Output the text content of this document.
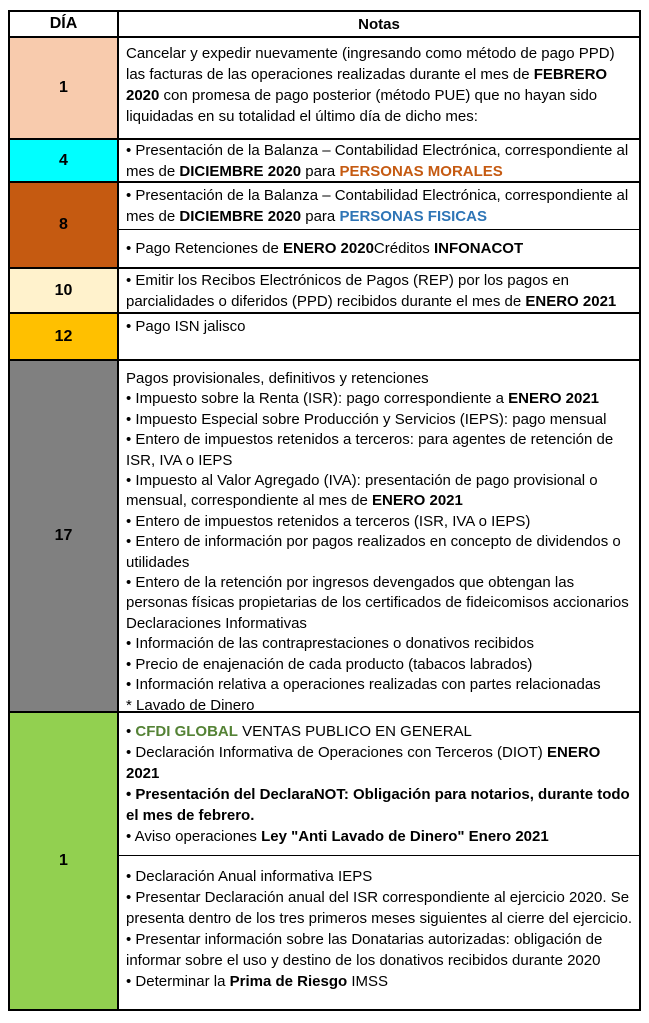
DÍA	Notas
1
Cancelar y expedir nuevamente (ingresando como método de pago PPD) las facturas de las operaciones realizadas durante el mes de FEBRERO 2020 con promesa de pago posterior (método PUE) que no hayan sido liquidadas en su totalidad el último día de dicho mes:
4
• Presentación de la Balanza – Contabilidad Electrónica, correspondiente al mes de DICIEMBRE 2020 para PERSONAS MORALES
8
• Presentación de la Balanza – Contabilidad Electrónica, correspondiente al mes de DICIEMBRE 2020 para PERSONAS FISICAS
• Pago Retenciones de ENERO 2020Créditos INFONACOT
10
• Emitir los Recibos Electrónicos de Pagos (REP) por los pagos en parcialidades o diferidos (PPD) recibidos durante el mes de ENERO 2021
12
• Pago ISN jalisco
17
Pagos provisionales, definitivos y retenciones
• Impuesto sobre la Renta (ISR): pago correspondiente a ENERO 2021
• Impuesto Especial sobre Producción y Servicios (IEPS): pago mensual
• Entero de impuestos retenidos a terceros: para agentes de retención de ISR, IVA o IEPS
• Impuesto al Valor Agregado (IVA): presentación de pago provisional o mensual, correspondiente al mes de ENERO 2021
• Entero de impuestos retenidos a terceros (ISR, IVA o IEPS)
• Entero de información por pagos realizados en concepto de dividendos o utilidades
• Entero de la retención por ingresos devengados que obtengan las personas físicas propietarias de los certificados de fideicomisos accionarios
Declaraciones Informativas
• Información de las contraprestaciones o donativos recibidos
• Precio de enajenación de cada producto (tabacos labrados)
• Información relativa a operaciones realizadas con partes relacionadas
* Lavado de Dinero
1
• CFDI GLOBAL VENTAS PUBLICO EN GENERAL
• Declaración Informativa de Operaciones con Terceros (DIOT) ENERO 2021
• Presentación del DeclaraNOT: Obligación para notarios, durante todo el mes de febrero.
• Aviso operaciones Ley "Anti Lavado de Dinero" Enero 2021
• Declaración Anual informativa IEPS
• Presentar Declaración anual del ISR correspondiente al ejercicio 2020. Se presenta dentro de los tres primeros meses siguientes al cierre del ejercicio.
• Presentar información sobre las Donatarias autorizadas: obligación de informar sobre el uso y destino de los donativos recibidos durante 2020
• Determinar la Prima de Riesgo IMSS
